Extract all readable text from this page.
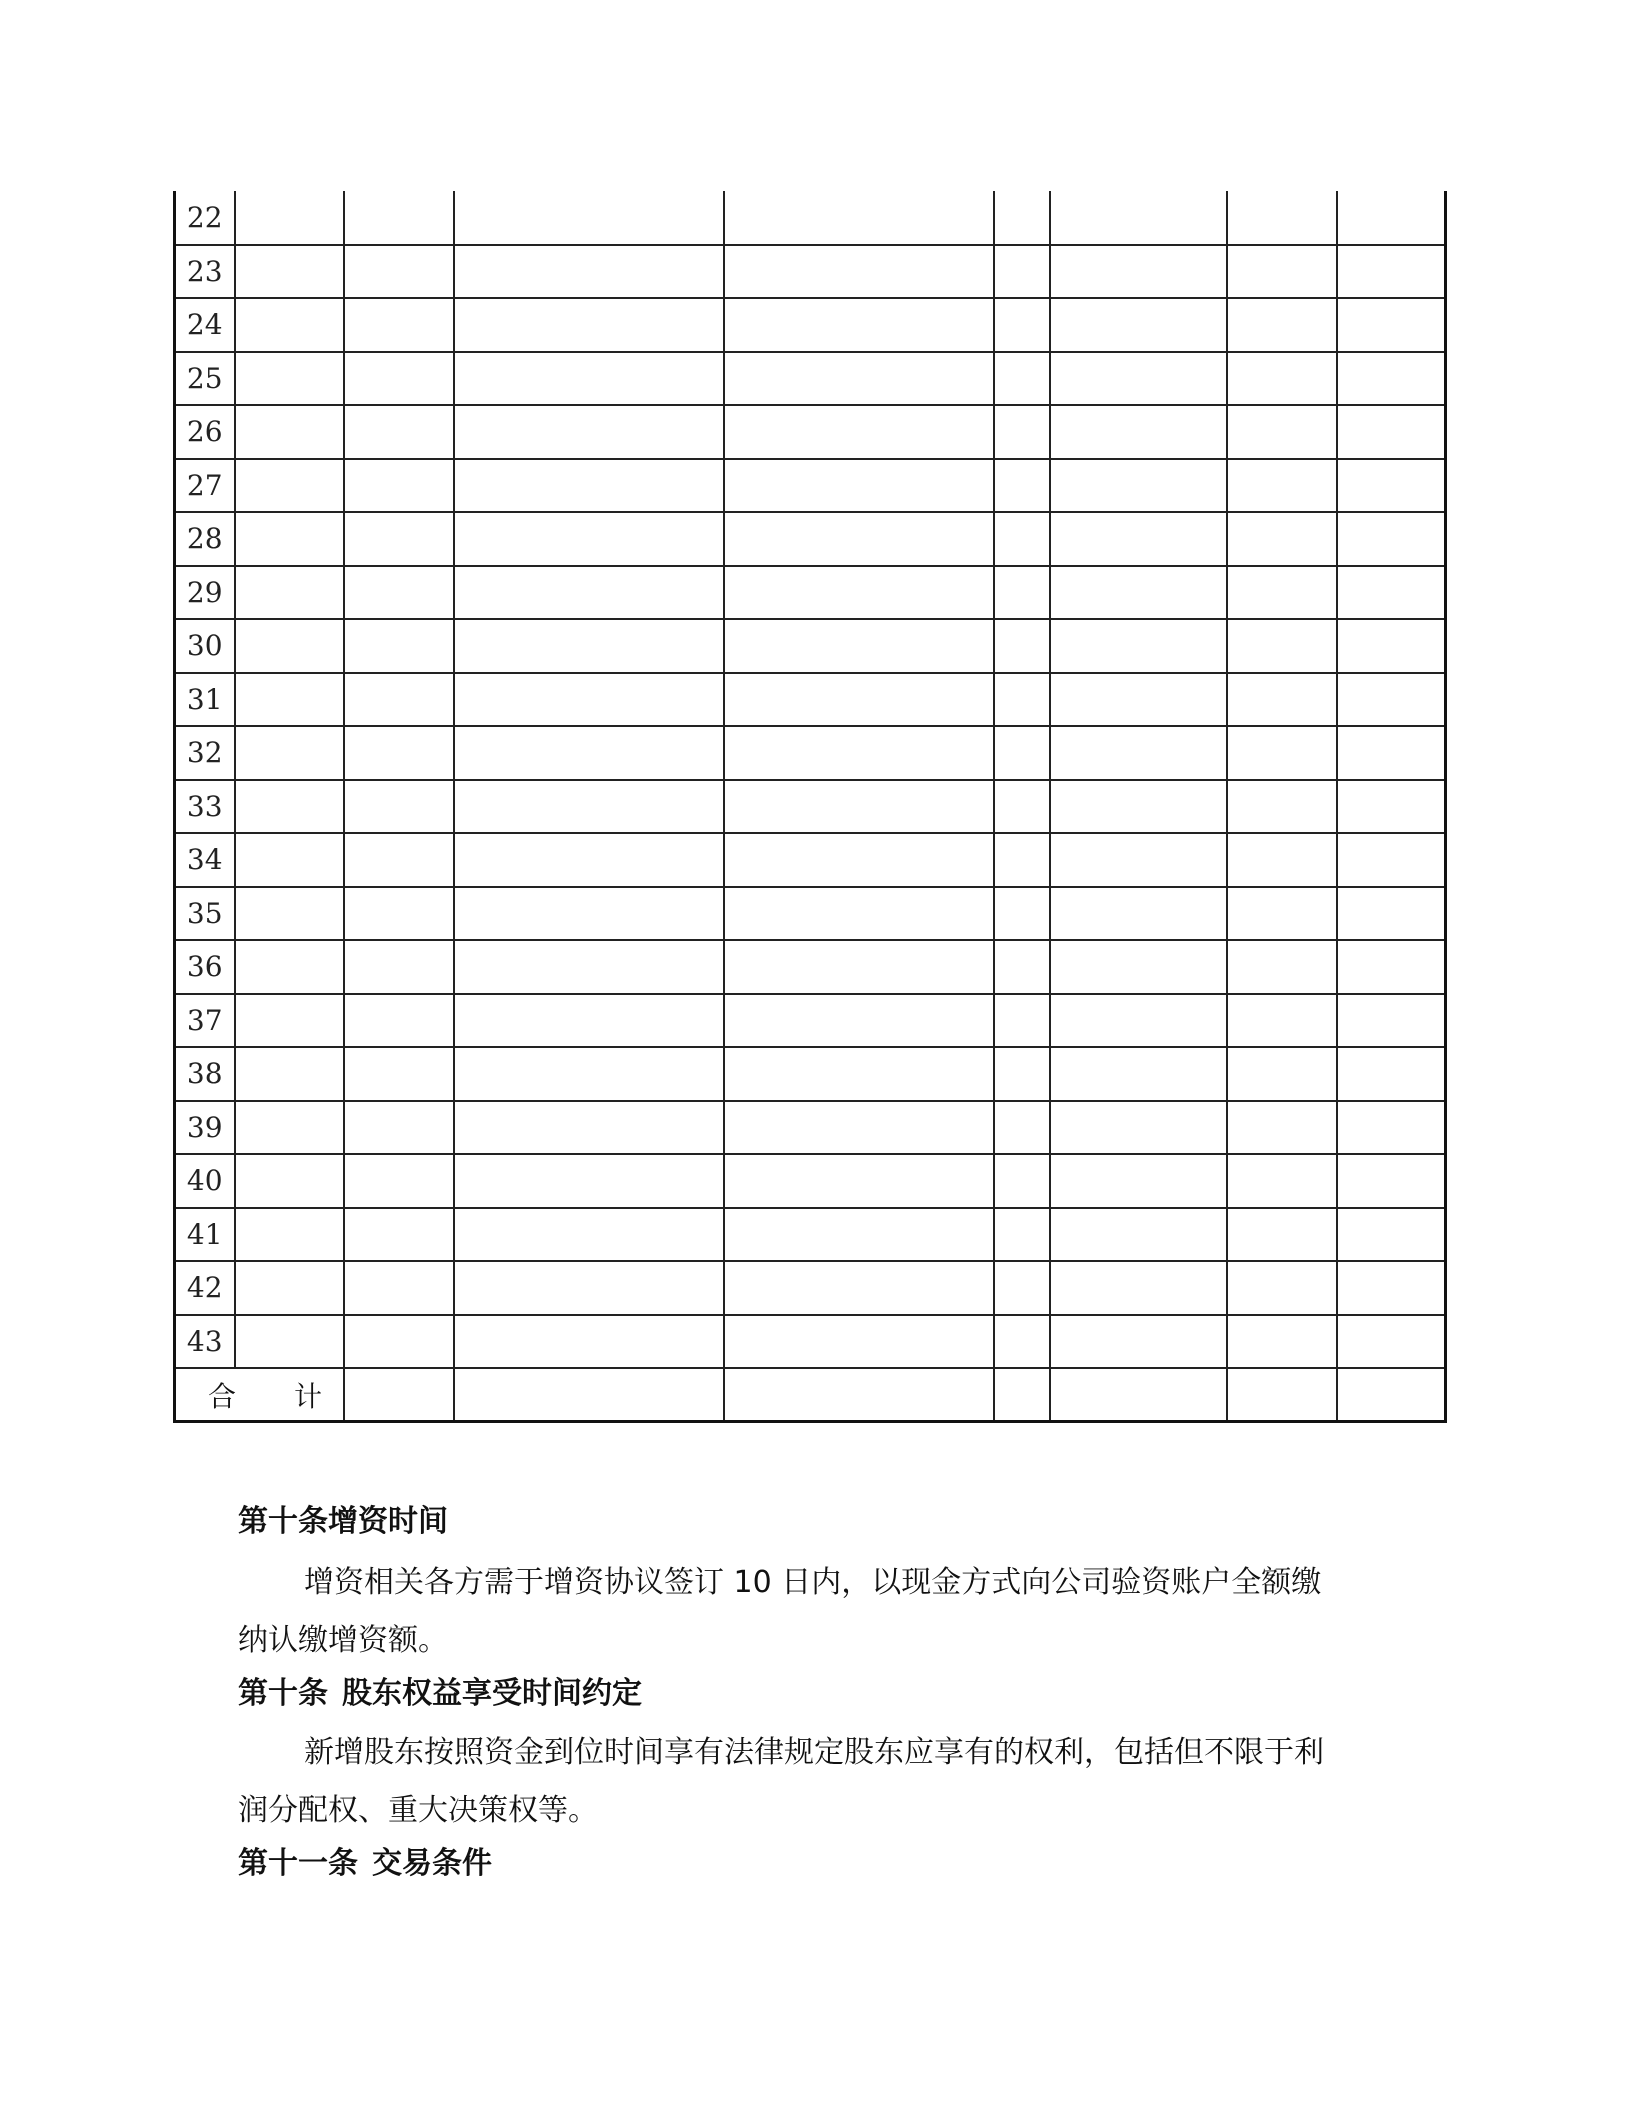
22								
23								
24								
25								
26								
27								
28								
29								
30								
31								
32								
33								
34								
35								
36								
37								
38								
39								
40								
41								
42								
43								
合 计								
第十条增资时间
增资相关各方需于增资协议签订 10 日内，以现金方式向公司验资账户全额缴纳认缴增资额。
第十条 股东权益享受时间约定
新增股东按照资金到位时间享有法律规定股东应享有的权利，包括但不限于利润分配权、重大决策权等。
第十一条 交易条件
